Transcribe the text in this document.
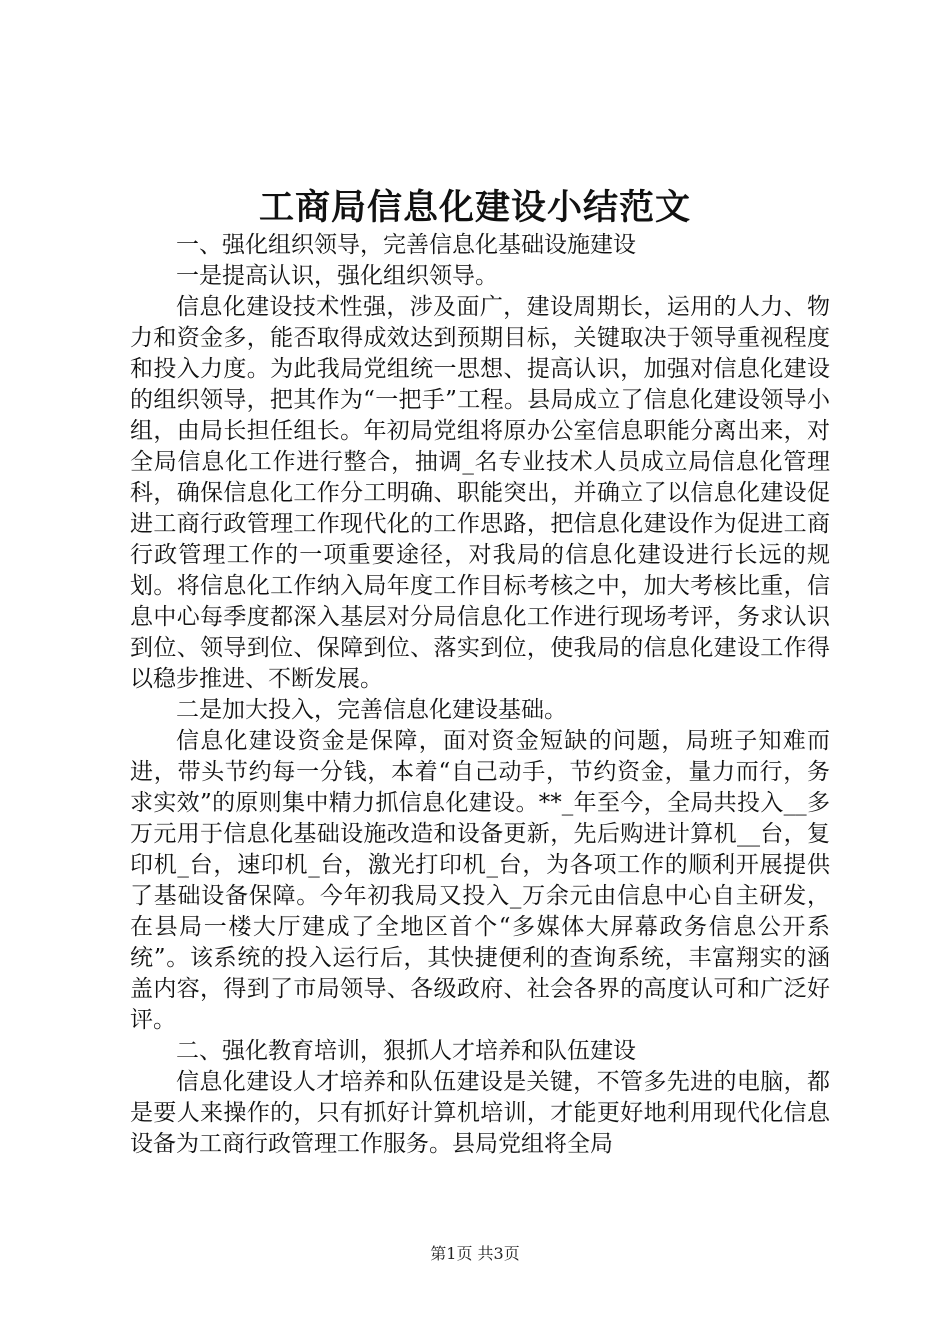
工商局信息化建设小结范文

一、强化组织领导，完善信息化基础设施建设

一是提高认识，强化组织领导。

信息化建设技术性强，涉及面广，建设周期长，运用的人力、物力和资金多，能否取得成效达到预期目标，关键取决于领导重视程度和投入力度。为此我局党组统一思想、提高认识，加强对信息化建设的组织领导，把其作为“一把手”工程。县局成立了信息化建设领导小组，由局长担任组长。年初局党组将原办公室信息职能分离出来，对全局信息化工作进行整合，抽调_名专业技术人员成立局信息化管理科，确保信息化工作分工明确、职能突出，并确立了以信息化建设促进工商行政管理工作现代化的工作思路，把信息化建设作为促进工商行政管理工作的一项重要途径，对我局的信息化建设进行长远的规划。将信息化工作纳入局年度工作目标考核之中，加大考核比重，信息中心每季度都深入基层对分局信息化工作进行现场考评，务求认识到位、领导到位、保障到位、落实到位，使我局的信息化建设工作得以稳步推进、不断发展。

二是加大投入，完善信息化建设基础。

信息化建设资金是保障，面对资金短缺的问题，局班子知难而进，带头节约每一分钱，本着“自己动手，节约资金，量力而行，务求实效”的原则集中精力抓信息化建设。**_年至今，全局共投入__多万元用于信息化基础设施改造和设备更新，先后购进计算机__台，复印机_台，速印机_台，激光打印机_台，为各项工作的顺利开展提供了基础设备保障。今年初我局又投入_万余元由信息中心自主研发，在县局一楼大厅建成了全地区首个“多媒体大屏幕政务信息公开系统”。该系统的投入运行后，其快捷便利的查询系统，丰富翔实的涵盖内容，得到了市局领导、各级政府、社会各界的高度认可和广泛好评。

二、强化教育培训，狠抓人才培养和队伍建设

信息化建设人才培养和队伍建设是关键，不管多先进的电脑，都是要人来操作的，只有抓好计算机培训，才能更好地利用现代化信息设备为工商行政管理工作服务。县局党组将全局

第1页 共3页
